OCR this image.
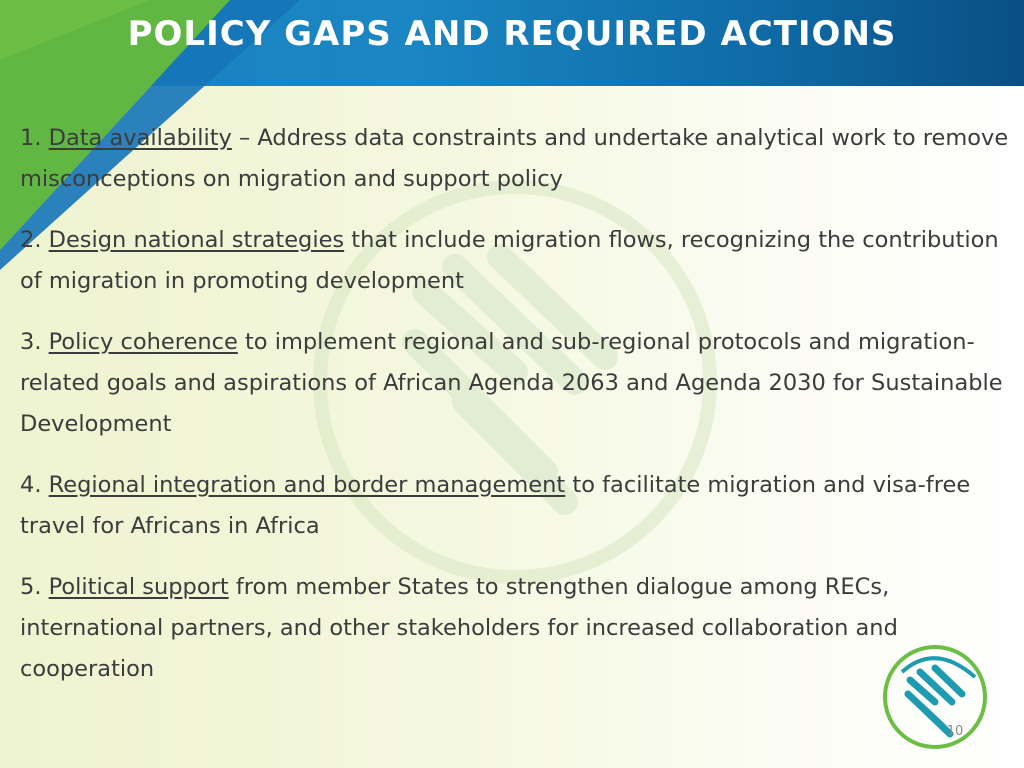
POLICY GAPS AND REQUIRED ACTIONS
1. Data availability – Address data constraints and undertake analytical work to remove misconceptions on migration and support policy
2. Design national strategies that include migration flows, recognizing the contribution of migration in promoting development
3. Policy coherence to implement regional and sub-regional protocols and migration-related goals and aspirations of African Agenda 2063 and Agenda 2030 for Sustainable Development
4. Regional integration and border management to facilitate migration and visa-free travel for Africans in Africa
5. Political support from member States to strengthen dialogue among RECs, international partners, and other stakeholders for increased collaboration and cooperation
10
